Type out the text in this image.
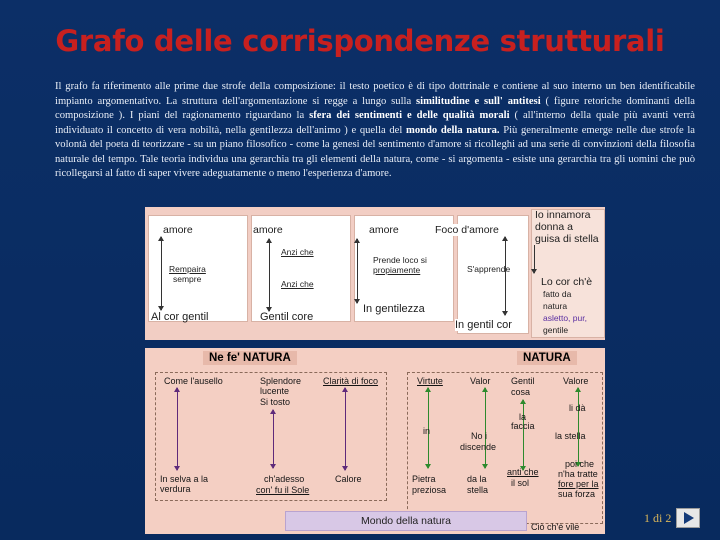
Grafo delle corrispondenze strutturali
Il grafo fa riferimento alle prime due strofe della composizione: il testo poetico è di tipo dottrinale e contiene al suo interno un ben identificabile impianto argomentativo. La struttura dell'argomentazione si regge a lungo sulla similitudine e sull' antitesi ( figure retoriche dominanti della composizione ). I piani del ragionamento riguardano la sfera dei sentimenti e delle qualità morali ( all'interno della quale più avanti verrà individuato il concetto di vera nobiltà, nella gentilezza dell'animo ) e quella del mondo della natura. Più generalmente emerge nelle due strofe la volontà del poeta di teorizzare - su un piano filosofico - come la genesi del sentimento d'amore si ricolleghi ad una serie di convinzioni della filosofia naturale del tempo. Tale teoria individua una gerarchia tra gli elementi della natura, come - si argomenta - esiste una gerarchia tra gli uomini che può ricollegarsi al fatto di saper vivere adeguatamente o meno l'esperienza d'amore.
amore
Rempaira
sempre
Al cor gentil
amore
Anzi che
Anzi che
Gentil core
amore
Prende loco si
propiamente
In gentilezza
Foco d'amore
S'apprende
In gentil cor
Io innamora
donna a
guisa di stella
Lo cor ch'è
fatto da
natura
asletto, pur,
gentile
Ne fe' NATURA	NATURA
Come l'ausello
In selva a la
verdura
Splendore
lucente
Si tosto
ch'adesso
con' fu il Sole
Clarità di foco
Calore
Virtute
in
Pietra
preziosa
Valor
No i
discende
da la
stella
Gentil
cosa
la
faccia
anti che
il sol
Valore
li dà
la stella
poi che
n'ha tratte
fore per la
sua forza
Ciò ch'è vile
Mondo della natura	1 di 2
